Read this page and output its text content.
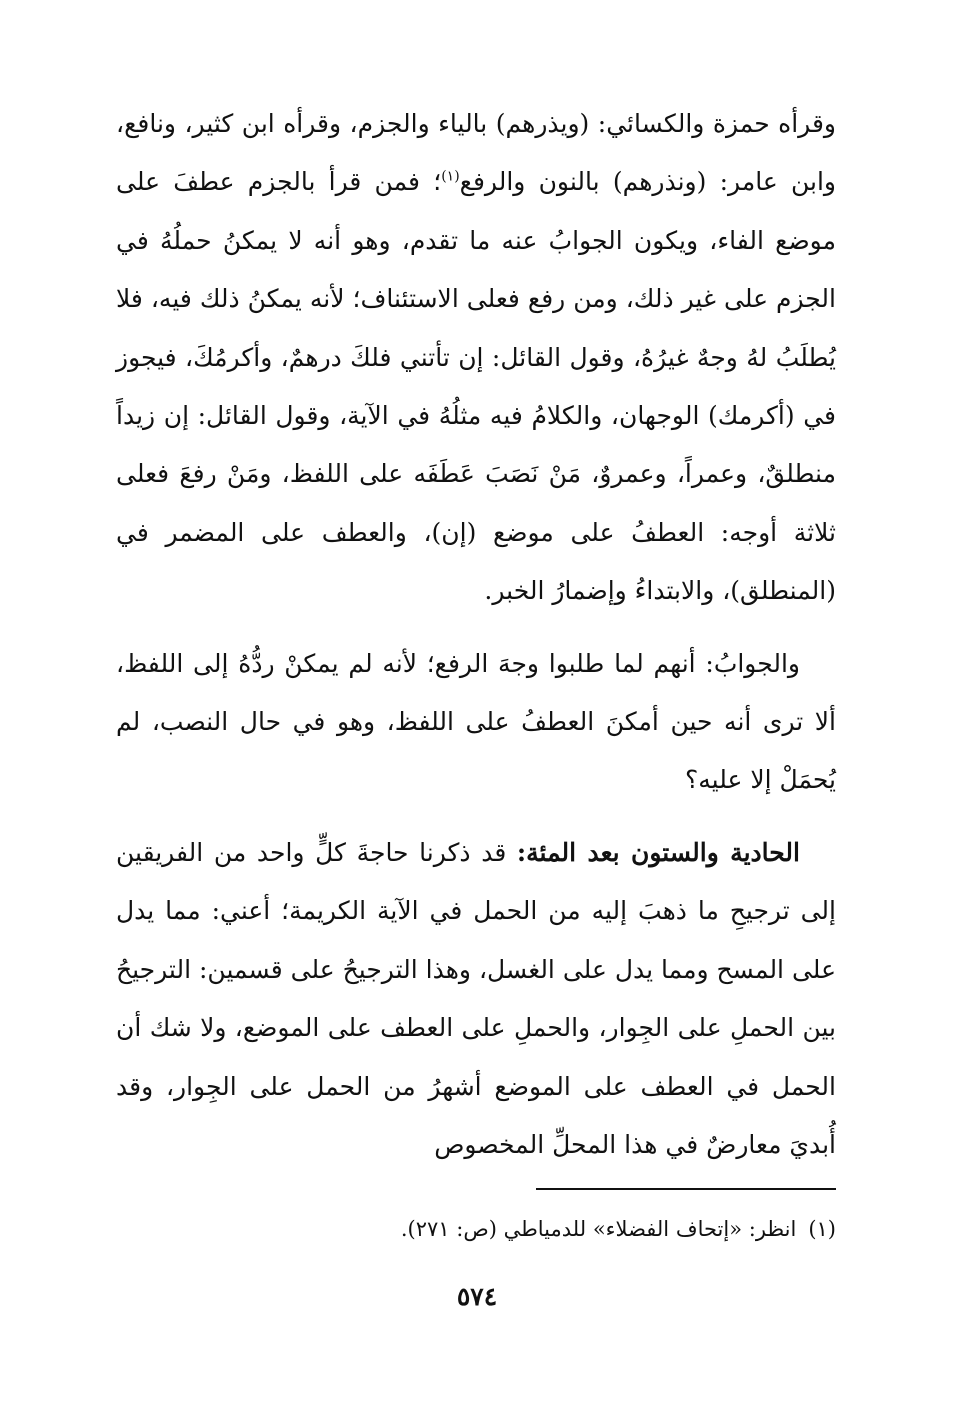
وقرأه حمزة والكسائي: (ويذرهم) بالياء والجزم، وقرأه ابن كثير، ونافع، وابن عامر: (ونذرهم) بالنون والرفع$^{(١)}$؛ فمن قرأ بالجزم عطفَ على موضع الفاء، ويكون الجوابُ عنه ما تقدم، وهو أنه لا يمكنُ حملُهُ في الجزم على غير ذلك، ومن رفع فعلى الاستئناف؛ لأنه يمكنُ ذلك فيه، فلا يُطلَبُ لهُ وجهٌ غيرُهُ، وقول القائل: إن تأتني فلكَ درهمٌ، وأكرمُكَ، فيجوز في (أكرمك) الوجهان، والكلامُ فيه مثلُهُ في الآية، وقول القائل: إن زيداً منطلقٌ، وعمراً، وعمروٌ، مَنْ نَصَبَ عَطَفَه على اللفظ، ومَنْ رفعَ فعلى ثلاثة أوجه: العطفُ على موضع (إن)، والعطف على المضمر في (المنطلق)، والابتداءُ وإضمارُ الخبر.

والجوابُ: أنهم لما طلبوا وجهَ الرفع؛ لأنه لم يمكنْ ردُّهُ إلى اللفظ، ألا ترى أنه حين أمكنَ العطفُ على اللفظ، وهو في حال النصب، لم يُحمَلْ إلا عليه؟

الحادية والستون بعد المئة: قد ذكرنا حاجةَ كلٍّ واحد من الفريقين إلى ترجيحِ ما ذهبَ إليه من الحمل في الآية الكريمة؛ أعني: مما يدل على المسح ومما يدل على الغسل، وهذا الترجيحُ على قسمين: الترجيحُ بين الحملِ على الجِوار، والحملِ على العطف على الموضع، ولا شك أن الحمل في العطف على الموضع أشهرُ من الحمل على الجِوار، وقد أُبديَ معارضٌ في هذا المحلِّ المخصوص

(١)انظر: «إتحاف الفضلاء» للدمياطي (ص: ٢٧١).
٥٧٤
